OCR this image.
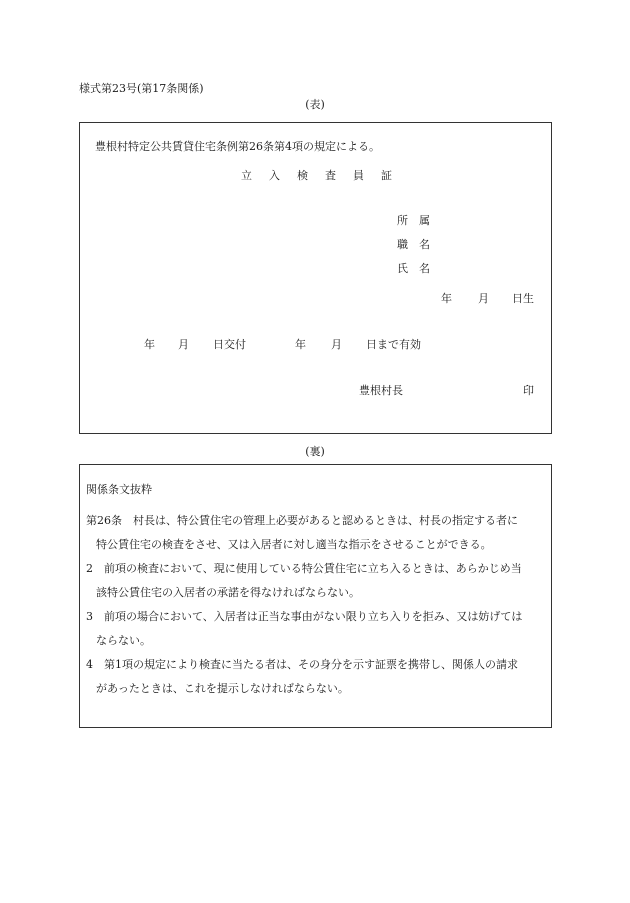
様式第23号(第17条関係)
(表)
豊根村特定公共賃貸住宅条例第26条第4項の規定による。
立 入 検 査 員 証
所 属
職 名
氏 名
年 月 日生
年 月 日交付	年 月 日まで有効
豊根村長	印
(裏)
関係条文抜粋
第26条　村長は、特公賃住宅の管理上必要があると認めるときは、村長の指定する者に
特公賃住宅の検査をさせ、又は入居者に対し適当な指示をさせることができる。
2　前項の検査において、現に使用している特公賃住宅に立ち入るときは、あらかじめ当
該特公賃住宅の入居者の承諾を得なければならない。
3　前項の場合において、入居者は正当な事由がない限り立ち入りを拒み、又は妨げては
ならない。
4　第1項の規定により検査に当たる者は、その身分を示す証票を携帯し、関係人の請求
があったときは、これを提示しなければならない。
